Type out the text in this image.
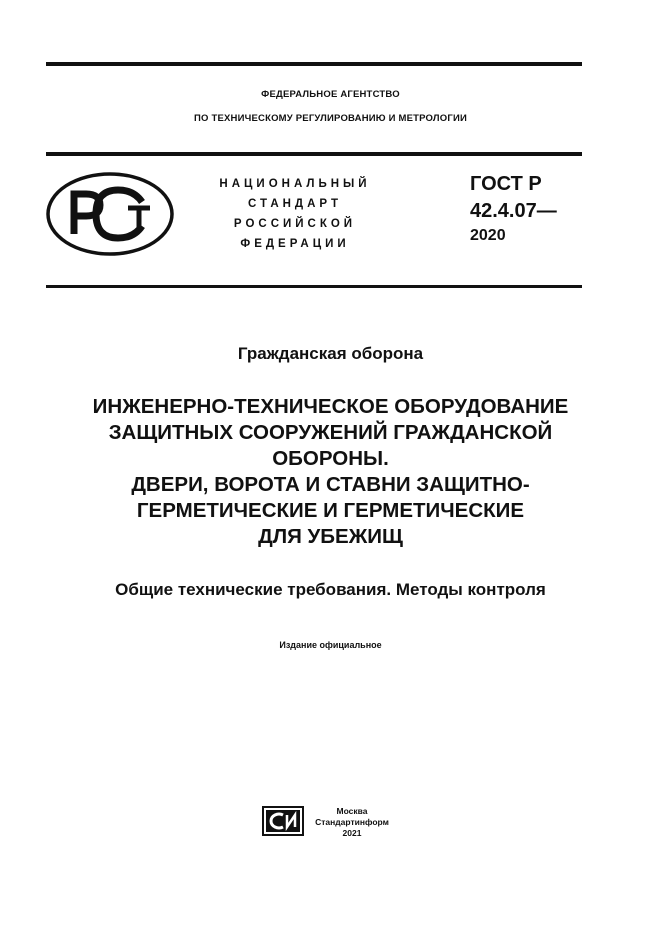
ФЕДЕРАЛЬНОЕ АГЕНТСТВО
ПО ТЕХНИЧЕСКОМУ РЕГУЛИРОВАНИЮ И МЕТРОЛОГИИ
НАЦИОНАЛЬНЫЙ
СТАНДАРТ
РОССИЙСКОЙ
ФЕДЕРАЦИИ
ГОСТ Р
42.4.07—
2020
Гражданская оборона
ИНЖЕНЕРНО-ТЕХНИЧЕСКОЕ ОБОРУДОВАНИЕ
ЗАЩИТНЫХ СООРУЖЕНИЙ ГРАЖДАНСКОЙ
ОБОРОНЫ.
ДВЕРИ, ВОРОТА И СТАВНИ ЗАЩИТНО-
ГЕРМЕТИЧЕСКИЕ И ГЕРМЕТИЧЕСКИЕ
ДЛЯ УБЕЖИЩ
Общие технические требования. Методы контроля
Издание официальное
Москва
Стандартинформ
2021
